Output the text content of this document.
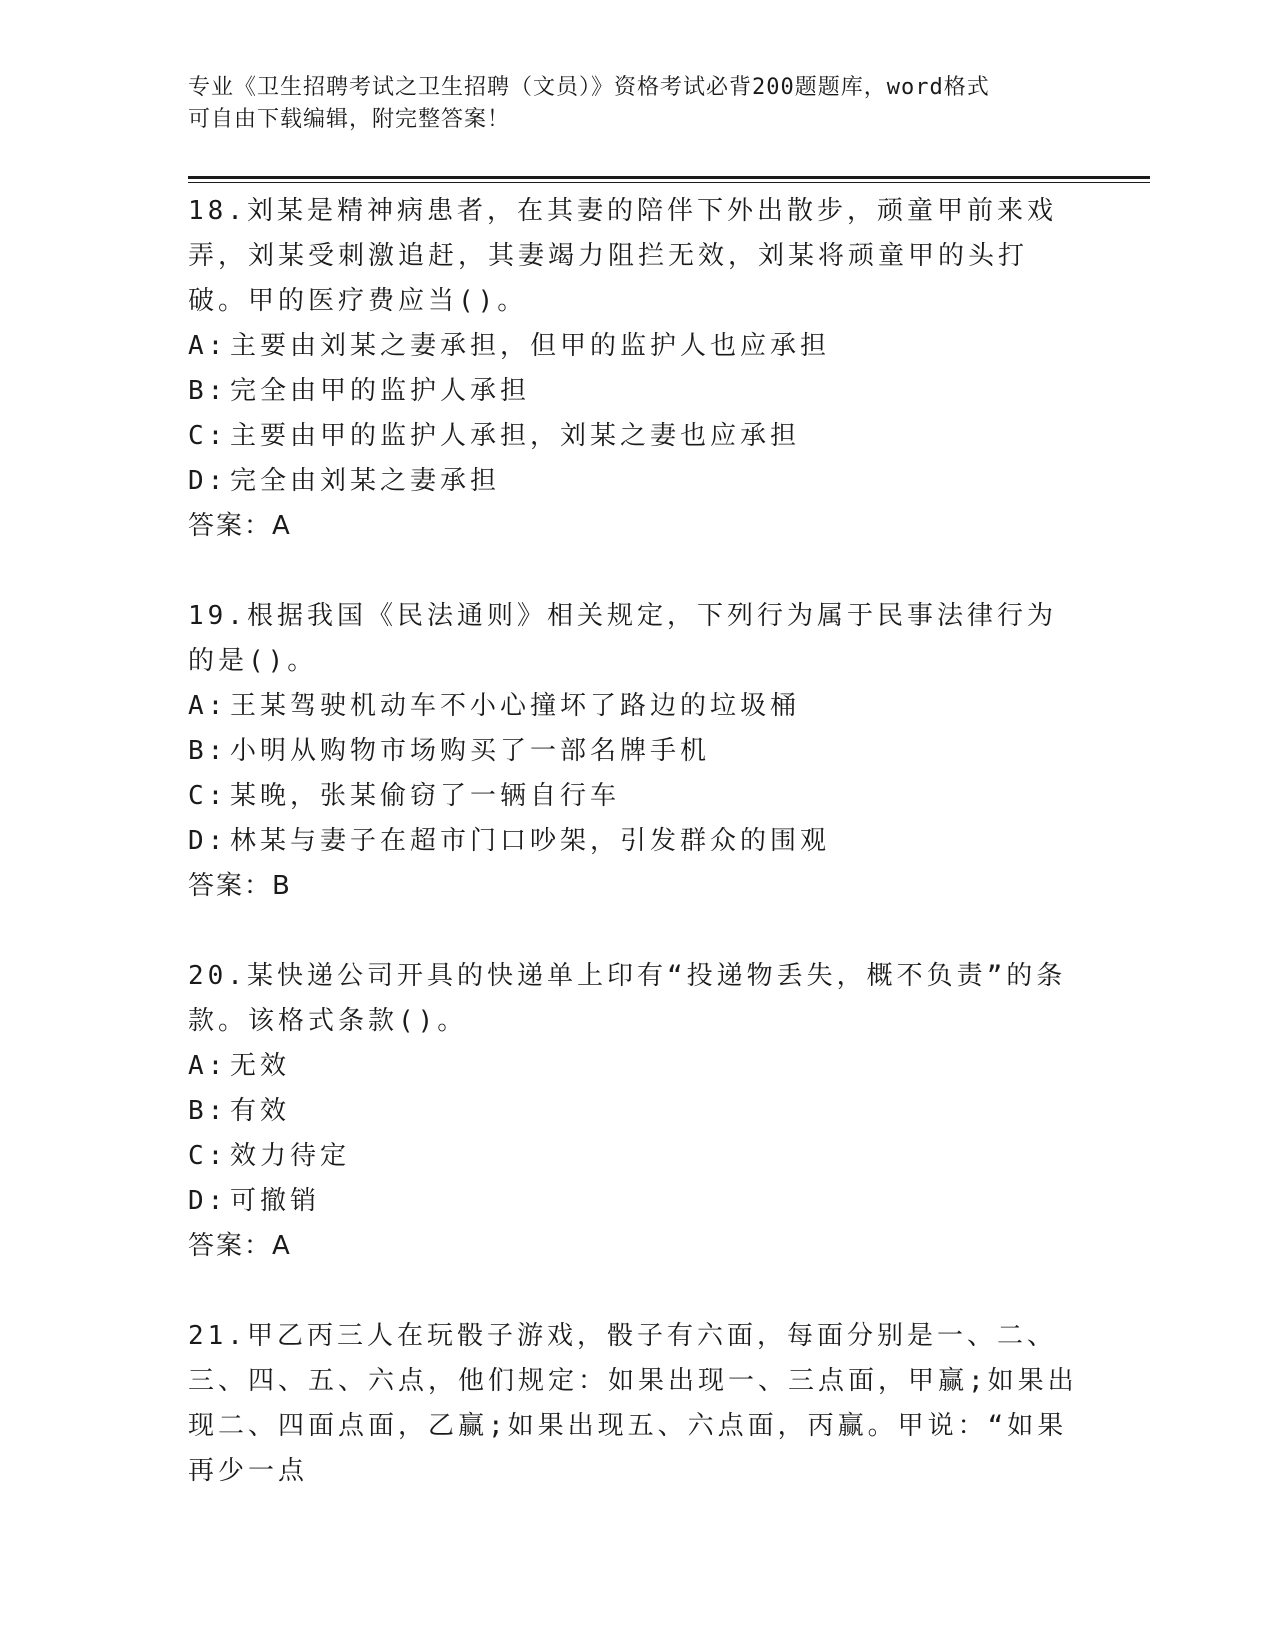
专业《卫生招聘考试之卫生招聘（文员）》资格考试必背200题题库，word格式
可自由下载编辑，附完整答案！

18.刘某是精神病患者，在其妻的陪伴下外出散步，顽童甲前来戏弄，刘某受刺激追赶，其妻竭力阻拦无效，刘某将顽童甲的头打破。甲的医疗费应当()。

A: 主要由刘某之妻承担，但甲的监护人也应承担

B: 完全由甲的监护人承担

C: 主要由甲的监护人承担，刘某之妻也应承担

D: 完全由刘某之妻承担

答案：A

19.根据我国《民法通则》相关规定，下列行为属于民事法律行为的是()。

A: 王某驾驶机动车不小心撞坏了路边的垃圾桶

B: 小明从购物市场购买了一部名牌手机

C: 某晚，张某偷窃了一辆自行车

D: 林某与妻子在超市门口吵架，引发群众的围观

答案：B

20.某快递公司开具的快递单上印有“投递物丢失，概不负责”的条款。该格式条款()。

A: 无效

B: 有效

C: 效力待定

D: 可撤销

答案：A

21.甲乙丙三人在玩骰子游戏，骰子有六面，每面分别是一、二、三、四、五、六点，他们规定：如果出现一、三点面，甲赢;如果出现二、四面点面，乙赢;如果出现五、六点面，丙赢。甲说：“如果再少一点
